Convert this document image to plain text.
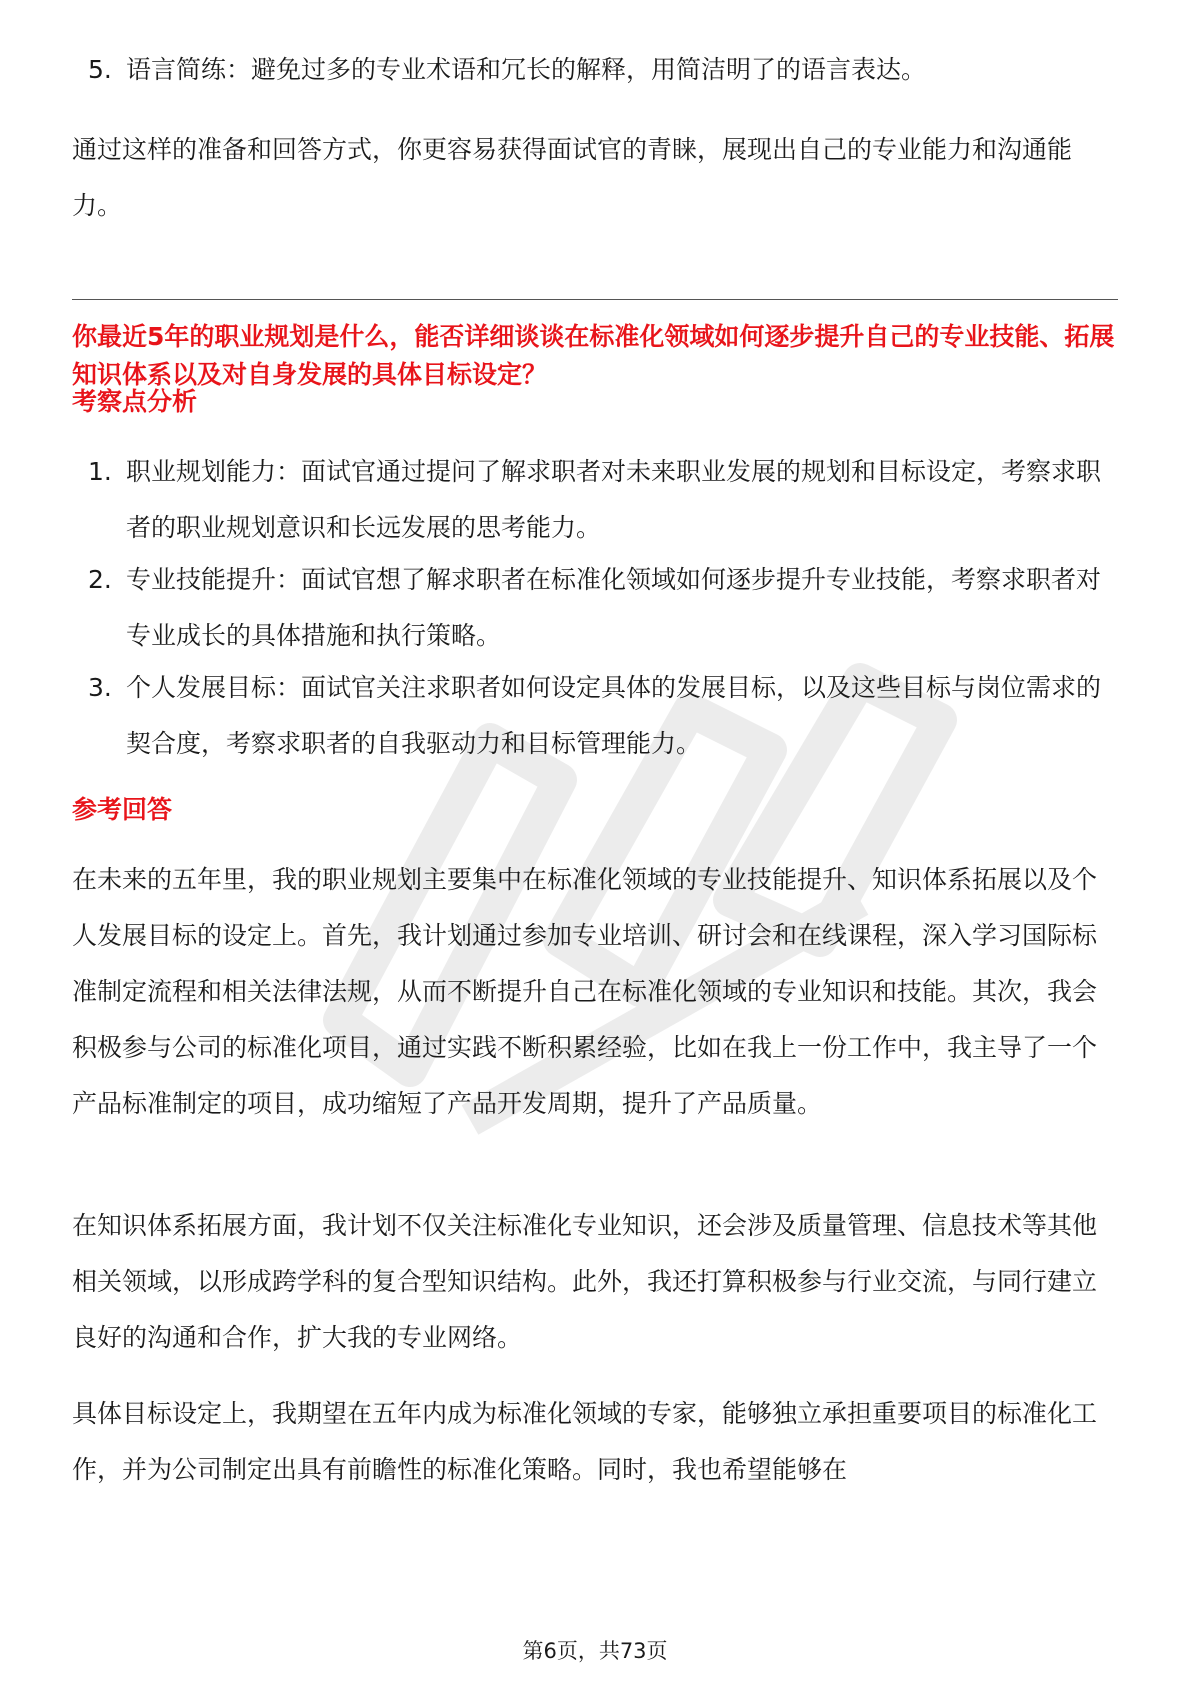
5. 语言简练：避免过多的专业术语和冗长的解释，用简洁明了的语言表达。
通过这样的准备和回答方式，你更容易获得面试官的青睐，展现出自己的专业能力和沟通能力。
你最近5年的职业规划是什么，能否详细谈谈在标准化领域如何逐步提升自己的专业技能、拓展知识体系以及对自身发展的具体目标设定？
考察点分析
1. 职业规划能力：面试官通过提问了解求职者对未来职业发展的规划和目标设定，考察求职者的职业规划意识和长远发展的思考能力。
2. 专业技能提升：面试官想了解求职者在标准化领域如何逐步提升专业技能，考察求职者对专业成长的具体措施和执行策略。
3. 个人发展目标：面试官关注求职者如何设定具体的发展目标，以及这些目标与岗位需求的契合度，考察求职者的自我驱动力和目标管理能力。
参考回答
在未来的五年里，我的职业规划主要集中在标准化领域的专业技能提升、知识体系拓展以及个人发展目标的设定上。首先，我计划通过参加专业培训、研讨会和在线课程，深入学习国际标准制定流程和相关法律法规，从而不断提升自己在标准化领域的专业知识和技能。其次，我会积极参与公司的标准化项目，通过实践不断积累经验，比如在我上一份工作中，我主导了一个产品标准制定的项目，成功缩短了产品开发周期，提升了产品质量。
在知识体系拓展方面，我计划不仅关注标准化专业知识，还会涉及质量管理、信息技术等其他相关领域，以形成跨学科的复合型知识结构。此外，我还打算积极参与行业交流，与同行建立良好的沟通和合作，扩大我的专业网络。
具体目标设定上，我期望在五年内成为标准化领域的专家，能够独立承担重要项目的标准化工作，并为公司制定出具有前瞻性的标准化策略。同时，我也希望能够在
第6页，共73页
